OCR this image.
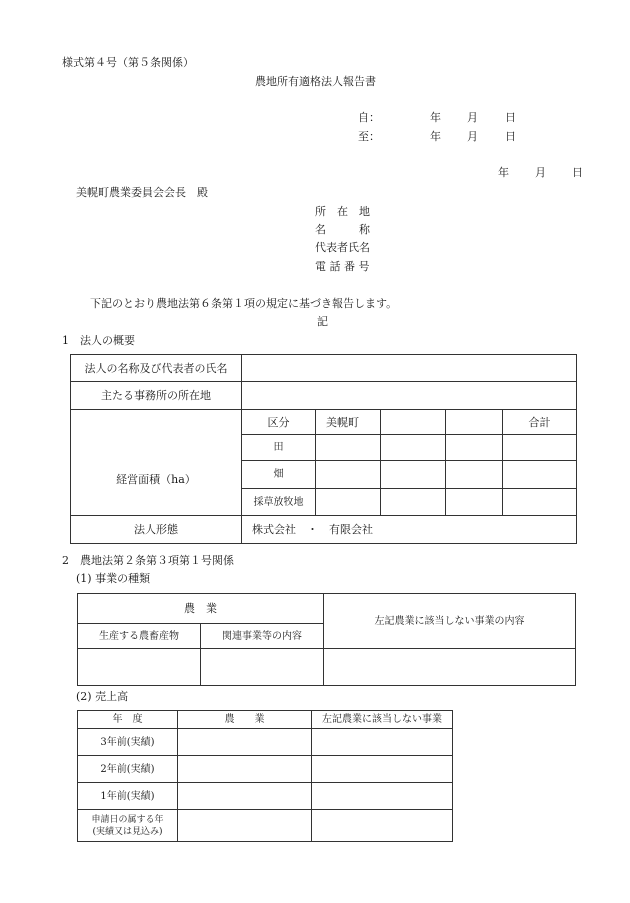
様式第４号（第５条関係）
農地所有適格法人報告書
自：	年 月 日
至：	年 月 日
年 月 日
美幌町農業委員会会長　殿
所　在　地
名　　　称
代表者氏名
電 話 番 号
下記のとおり農地法第６条第１項の規定に基づき報告します。
記
1　法人の概要
法人の名称及び代表者の氏名					
主たる事務所の所在地					
経営面積（ha）	区分	美幌町			合計
	田				
	畑				
	採草放牧地				
法人形態	株式会社　・　有限会社				
2　農地法第２条第３項第１号関係
(1) 事業の種類
農　業		左記農業に該当しない事業の内容
生産する農畜産物	関連事業等の内容	

(2) 売上高
年　度	農　　業	左記農業に該当しない事業
3年前(実績)		
2年前(実績)		
1年前(実績)		

申請日の属する年
(実績又は見込み)		
